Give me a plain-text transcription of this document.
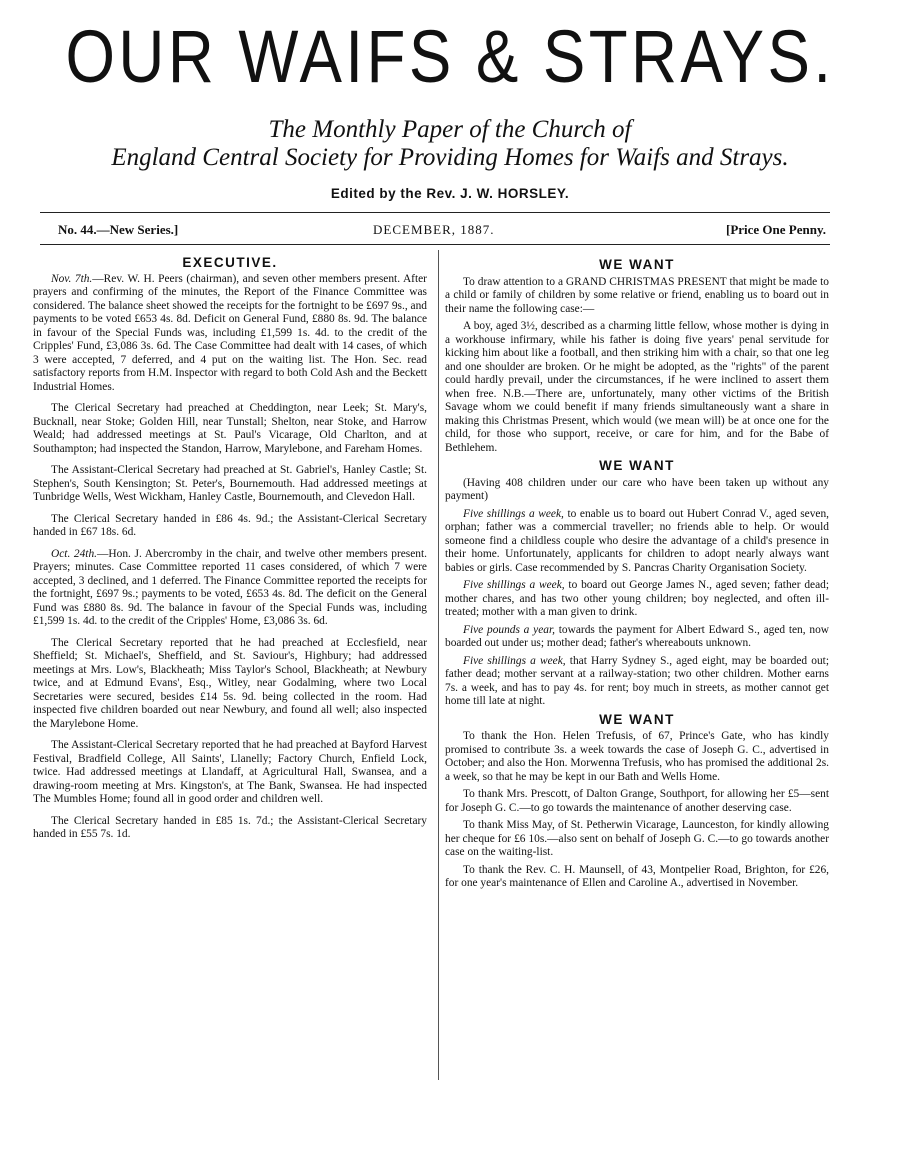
OUR WAIFS & STRAYS.
The Monthly Paper of the Church of
England Central Society for Providing Homes for Waifs and Strays.
Edited by the Rev. J. W. HORSLEY.
No. 44.—New Series.]	DECEMBER, 1887.	[Price One Penny.
EXECUTIVE.

Nov. 7th.—Rev. W. H. Peers (chairman), and seven other members present. After prayers and confirming of the minutes, the Report of the Finance Committee was considered. The balance sheet showed the receipts for the fortnight to be £697 9s., and payments to be voted £653 4s. 8d. Deficit on General Fund, £880 8s. 9d. The balance in favour of the Special Funds was, including £1,599 1s. 4d. to the credit of the Cripples' Fund, £3,086 3s. 6d. The Case Committee had dealt with 14 cases, of which 3 were accepted, 7 deferred, and 4 put on the waiting list. The Hon. Sec. read satisfactory reports from H.M. Inspector with regard to both Cold Ash and the Beckett Industrial Homes.

The Clerical Secretary had preached at Cheddington, near Leek; St. Mary's, Bucknall, near Stoke; Golden Hill, near Tunstall; Shelton, near Stoke, and Harrow Weald; had addressed meetings at St. Paul's Vicarage, Old Charlton, and at Southampton; had inspected the Standon, Harrow, Marylebone, and Fareham Homes.

The Assistant-Clerical Secretary had preached at St. Gabriel's, Hanley Castle; St. Stephen's, South Kensington; St. Peter's, Bournemouth. Had addressed meetings at Tunbridge Wells, West Wickham, Hanley Castle, Bournemouth, and Clevedon Hall.

The Clerical Secretary handed in £86 4s. 9d.; the Assistant-Clerical Secretary handed in £67 18s. 6d.

Oct. 24th.—Hon. J. Abercromby in the chair, and twelve other members present. Prayers; minutes. Case Committee reported 11 cases considered, of which 7 were accepted, 3 declined, and 1 deferred. The Finance Committee reported the receipts for the fortnight, £697 9s.; payments to be voted, £653 4s. 8d. The deficit on the General Fund was £880 8s. 9d. The balance in favour of the Special Funds was, including £1,599 1s. 4d. to the credit of the Cripples' Home, £3,086 3s. 6d.

The Clerical Secretary reported that he had preached at Ecclesfield, near Sheffield; St. Michael's, Sheffield, and St. Saviour's, Highbury; had addressed meetings at Mrs. Low's, Blackheath; Miss Taylor's School, Blackheath; at Newbury twice, and at Edmund Evans', Esq., Witley, near Godalming, where two Local Secretaries were secured, besides £14 5s. 9d. being collected in the room. Had inspected five children boarded out near Newbury, and found all well; also inspected the Marylebone Home.

The Assistant-Clerical Secretary reported that he had preached at Bayford Harvest Festival, Bradfield College, All Saints', Llanelly; Factory Church, Enfield Lock, twice. Had addressed meetings at Llandaff, at Agricultural Hall, Swansea, and a drawing-room meeting at Mrs. Kingston's, at The Bank, Swansea. He had inspected The Mumbles Home; found all in good order and children well.

The Clerical Secretary handed in £85 1s. 7d.; the Assistant-Clerical Secretary handed in £55 7s. 1d.

WE WANT

To draw attention to a GRAND CHRISTMAS PRESENT that might be made to a child or family of children by some relative or friend, enabling us to board out in their name the following case:—

A boy, aged 3½, described as a charming little fellow, whose mother is dying in a workhouse infirmary, while his father is doing five years' penal servitude for kicking him about like a football, and then striking him with a chair, so that one leg and one shoulder are broken. Or he might be adopted, as the "rights" of the parent could hardly prevail, under the circumstances, if he were inclined to assert them when free. N.B.—There are, unfortunately, many other victims of the British Savage whom we could benefit if many friends simultaneously want a share in making this Christmas Present, which would (we mean will) be at once one for the child, for those who support, receive, or care for him, and for the Babe of Bethlehem.

WE WANT

(Having 408 children under our care who have been taken up without any payment)

Five shillings a week, to enable us to board out Hubert Conrad V., aged seven, orphan; father was a commercial traveller; no friends able to help. Or would someone find a childless couple who desire the advantage of a child's presence in their home. Unfortunately, applicants for children to adopt nearly always want babies or girls. Case recommended by S. Pancras Charity Organisation Society.

Five shillings a week, to board out George James N., aged seven; father dead; mother chares, and has two other young children; boy neglected, and often ill-treated; mother with a man given to drink.

Five pounds a year, towards the payment for Albert Edward S., aged ten, now boarded out under us; mother dead; father's whereabouts unknown.

Five shillings a week, that Harry Sydney S., aged eight, may be boarded out; father dead; mother servant at a railway-station; two other children. Mother earns 7s. a week, and has to pay 4s. for rent; boy much in streets, as mother cannot get home till late at night.

WE WANT

To thank the Hon. Helen Trefusis, of 67, Prince's Gate, who has kindly promised to contribute 3s. a week towards the case of Joseph G. C., advertised in October; and also the Hon. Morwenna Trefusis, who has promised the additional 2s. a week, so that he may be kept in our Bath and Wells Home.

To thank Mrs. Prescott, of Dalton Grange, Southport, for allowing her £5—sent for Joseph G. C.—to go towards the maintenance of another deserving case.

To thank Miss May, of St. Petherwin Vicarage, Launceston, for kindly allowing her cheque for £6 10s.—also sent on behalf of Joseph G. C.—to go towards another case on the waiting-list.

To thank the Rev. C. H. Maunsell, of 43, Montpelier Road, Brighton, for £26, for one year's maintenance of Ellen and Caroline A., advertised in November.
